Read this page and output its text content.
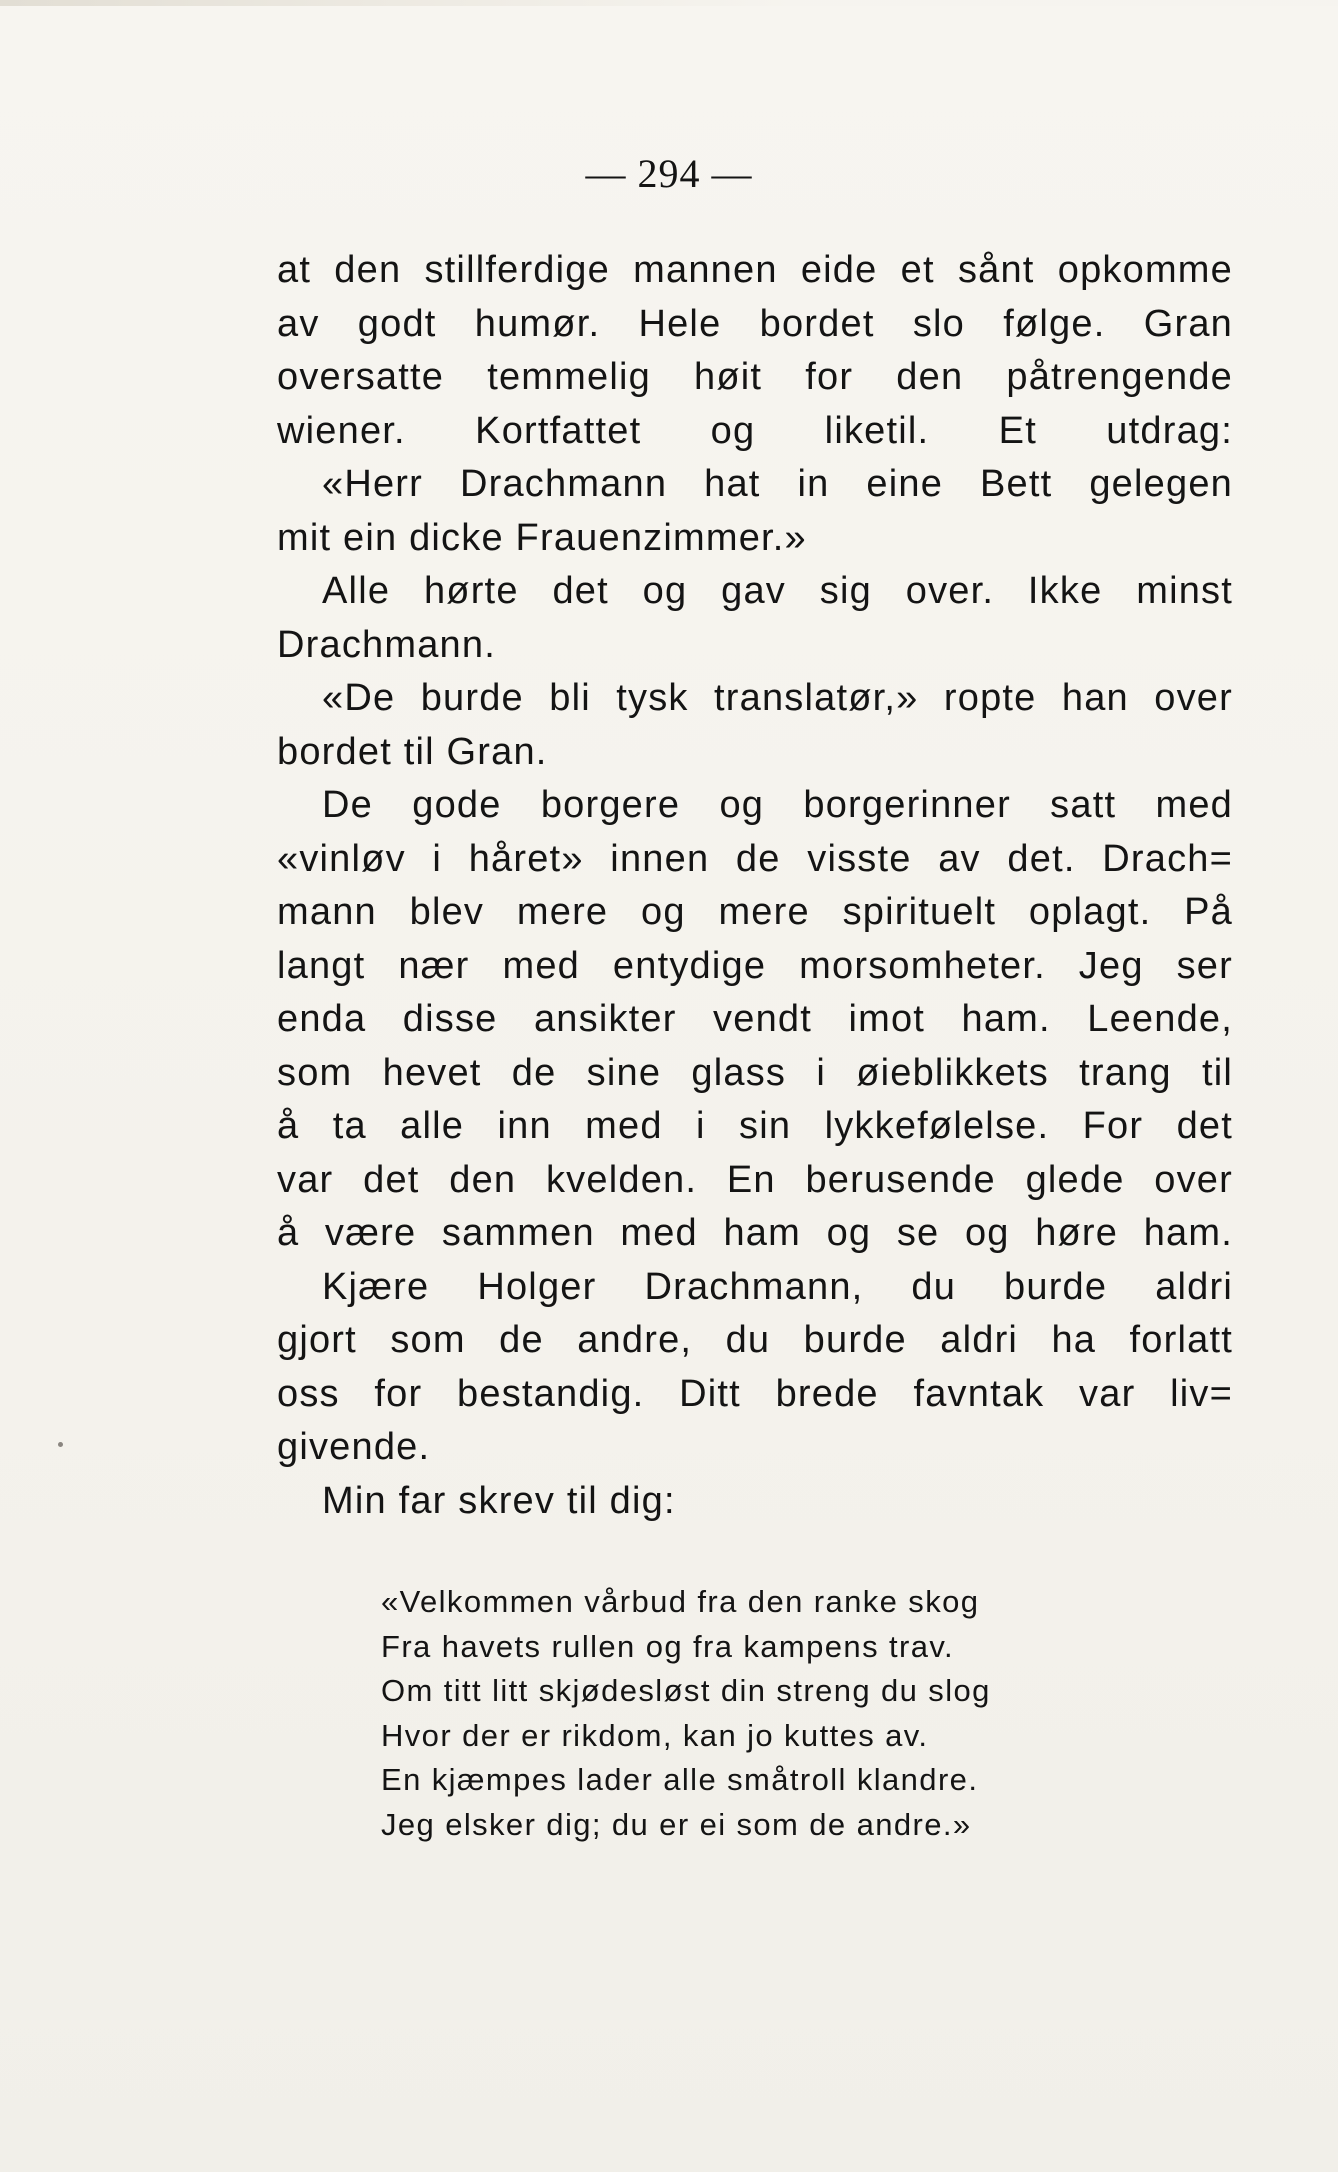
— 294 —
at den stillferdige mannen eide et sånt opkomme
av godt humør. Hele bordet slo følge. Gran
oversatte temmelig høit for den påtrengende
wiener. Kortfattet og liketil. Et utdrag:
«Herr Drachmann hat in eine Bett gelegen
mit ein dicke Frauenzimmer.»
Alle hørte det og gav sig over. Ikke minst
Drachmann.
«De burde bli tysk translatør,» ropte han over
bordet til Gran.
De gode borgere og borgerinner satt med
«vinløv i håret» innen de visste av det. Drach=
mann blev mere og mere spirituelt oplagt. På
langt nær med entydige morsomheter. Jeg ser
enda disse ansikter vendt imot ham. Leende,
som hevet de sine glass i øieblikkets trang til
å ta alle inn med i sin lykkefølelse. For det
var det den kvelden. En berusende glede over
å være sammen med ham og se og høre ham.
Kjære Holger Drachmann, du burde aldri
gjort som de andre, du burde aldri ha forlatt
oss for bestandig. Ditt brede favntak var liv=
givende.
Min far skrev til dig:
«Velkommen vårbud fra den ranke skog
Fra havets rullen og fra kampens trav.
Om titt litt skjødesløst din streng du slog
Hvor der er rikdom, kan jo kuttes av.
En kjæmpes lader alle småtroll klandre.
Jeg elsker dig; du er ei som de andre.»
